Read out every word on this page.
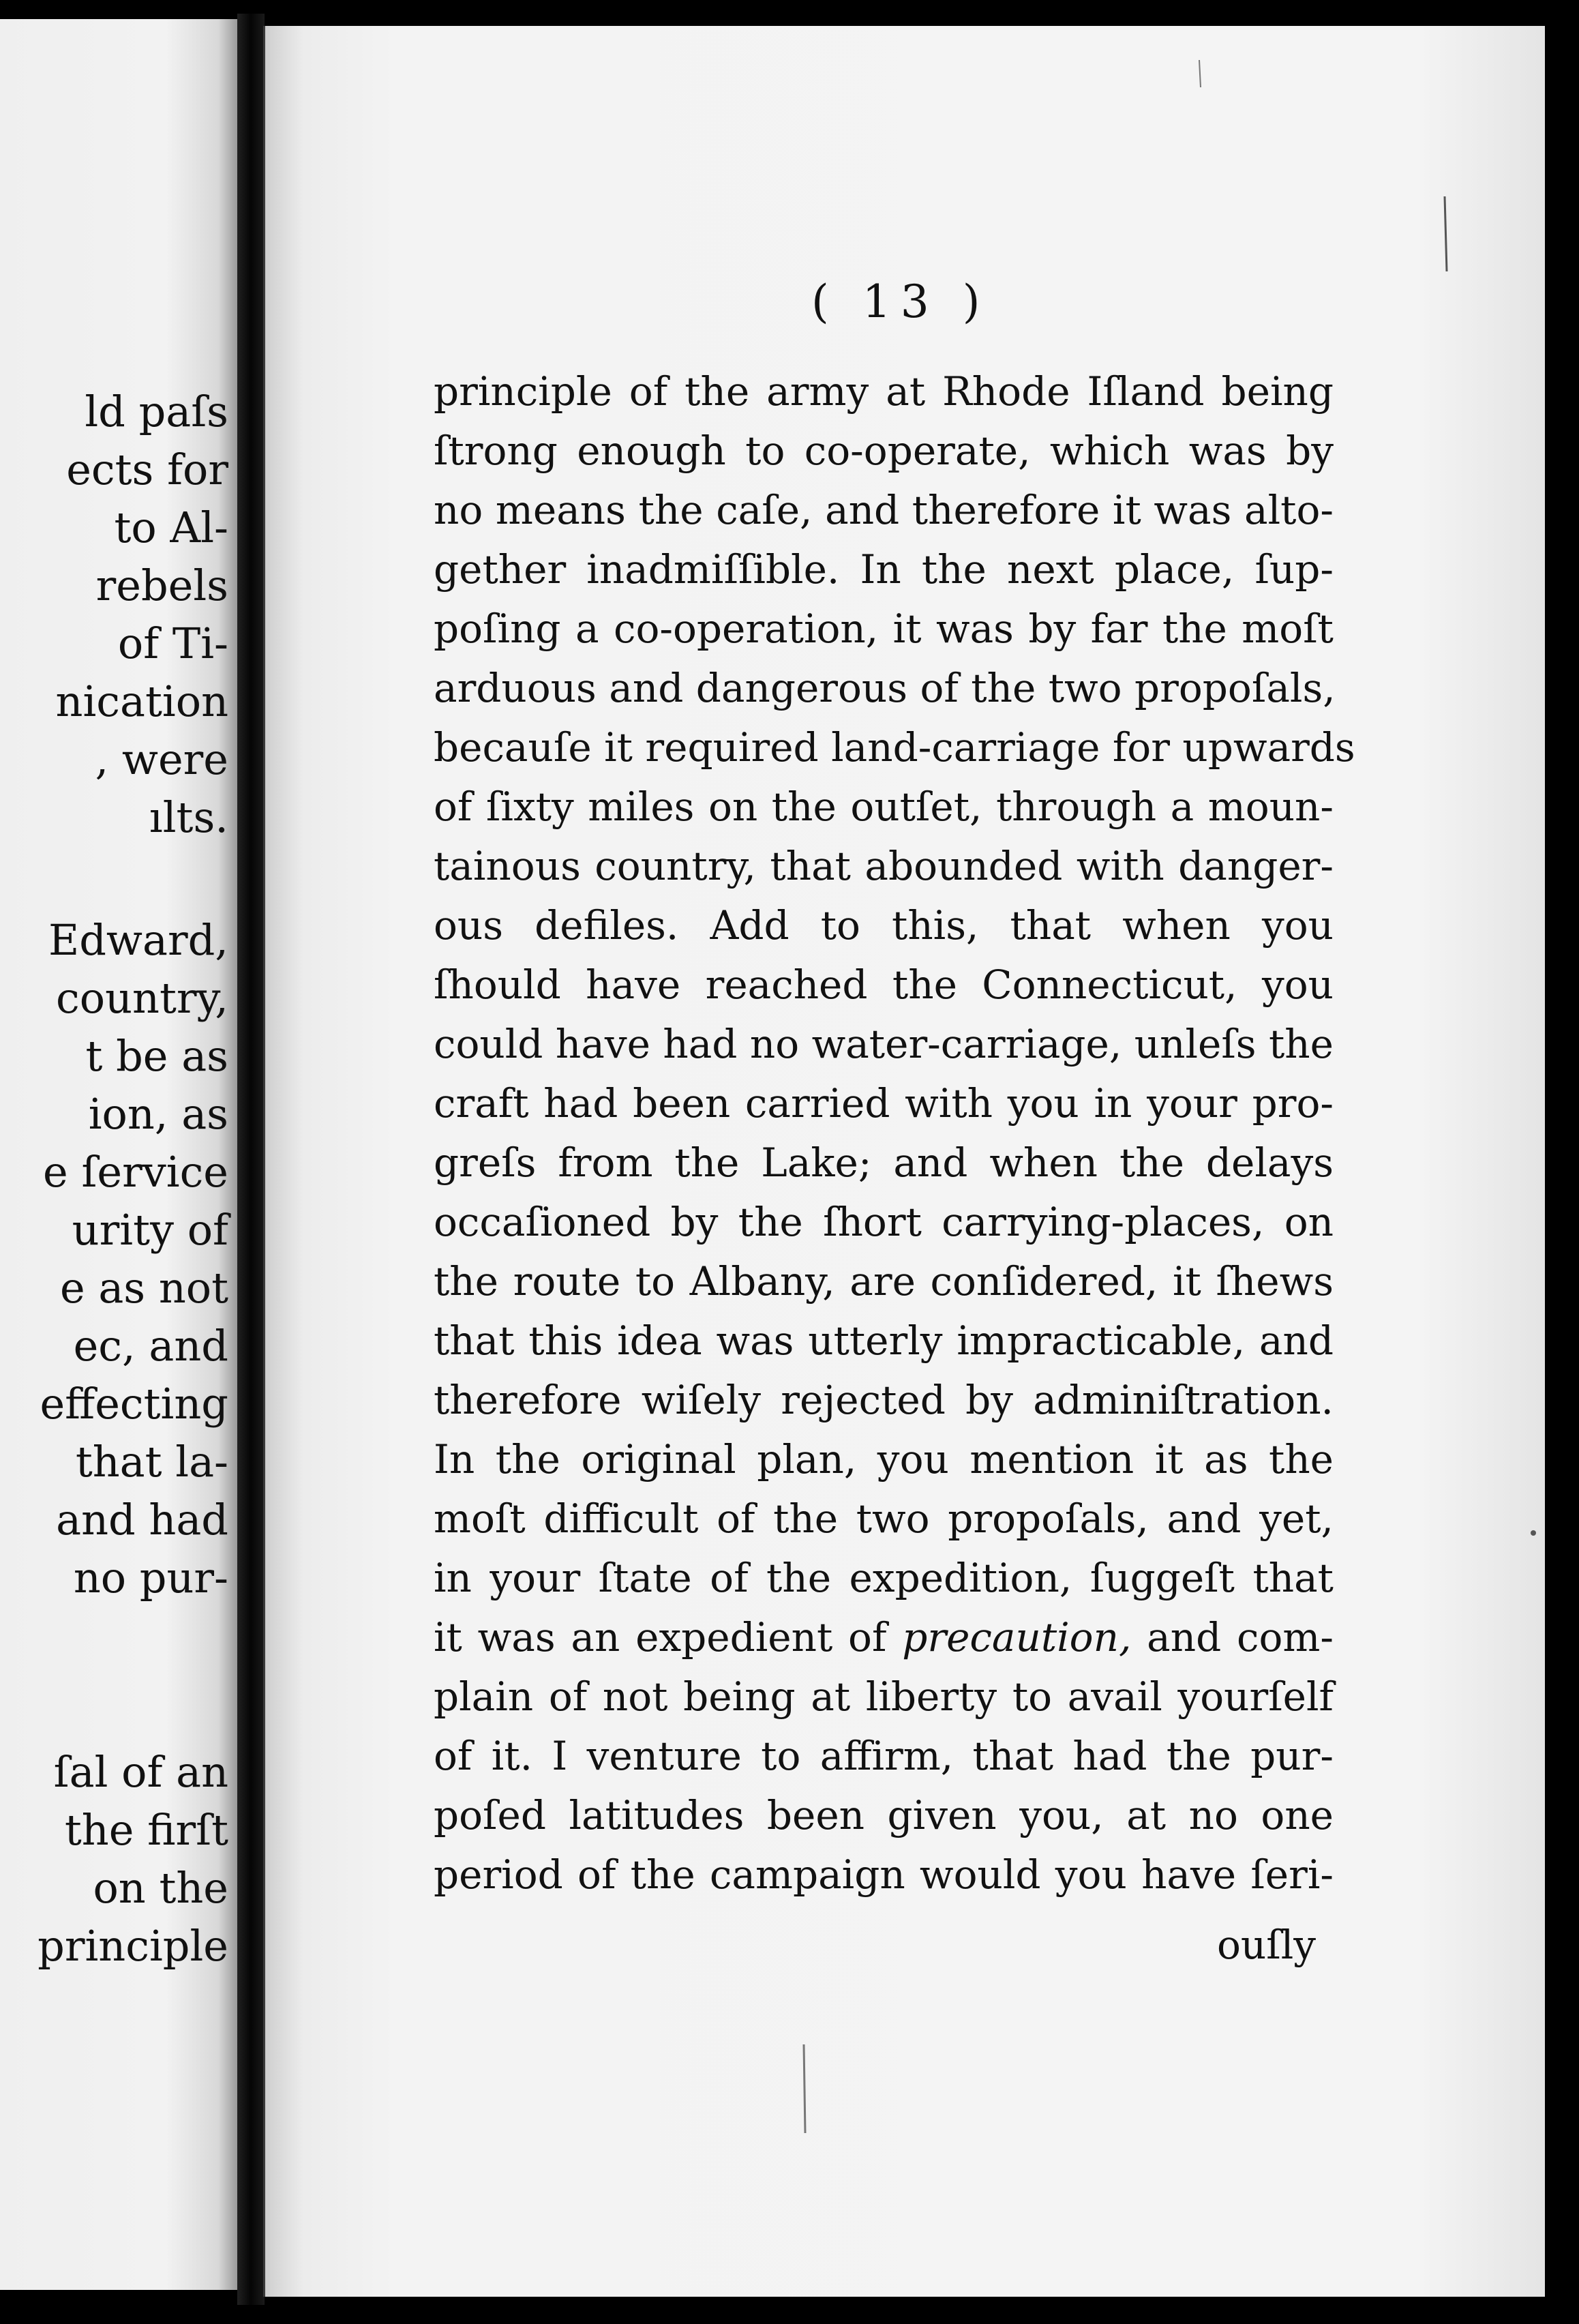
ld paſs
ects for
to Al-
rebels
of Ti-
nication
, were
ılts.
Edward,
country,
t be as
ion, as
e ſervice
urity of
e as not
ec, and
effecting
that la-
and had
no pur-
ſal of an
the firſt
on the
principle
( 13 )
principle of the army at Rhode Iſland being
ſtrong enough to co-operate, which was by
no means the caſe, and therefore it was alto-
gether inadmiſſible. In the next place, ſup-
poſing a co-operation, it was by far the moſt
arduous and dangerous of the two propoſals,
becauſe it required land-carriage for upwards
of ſixty miles on the outſet, through a moun-
tainous country, that abounded with danger-
ous defiles. Add to this, that when you
ſhould have reached the Connecticut, you
could have had no water-carriage, unleſs the
craft had been carried with you in your pro-
greſs from the Lake; and when the delays
occaſioned by the ſhort carrying-places, on
the route to Albany, are conſidered, it ſhews
that this idea was utterly impracticable, and
therefore wiſely rejected by adminiſtration.
In the original plan, you mention it as the
moſt difficult of the two propoſals, and yet,
in your ſtate of the expedition, ſuggeſt that
it was an expedient of precaution, and com-
plain of not being at liberty to avail yourſelf
of it. I venture to affirm, that had the pur-
poſed latitudes been given you, at no one
period of the campaign would you have ſeri-
ouſly
